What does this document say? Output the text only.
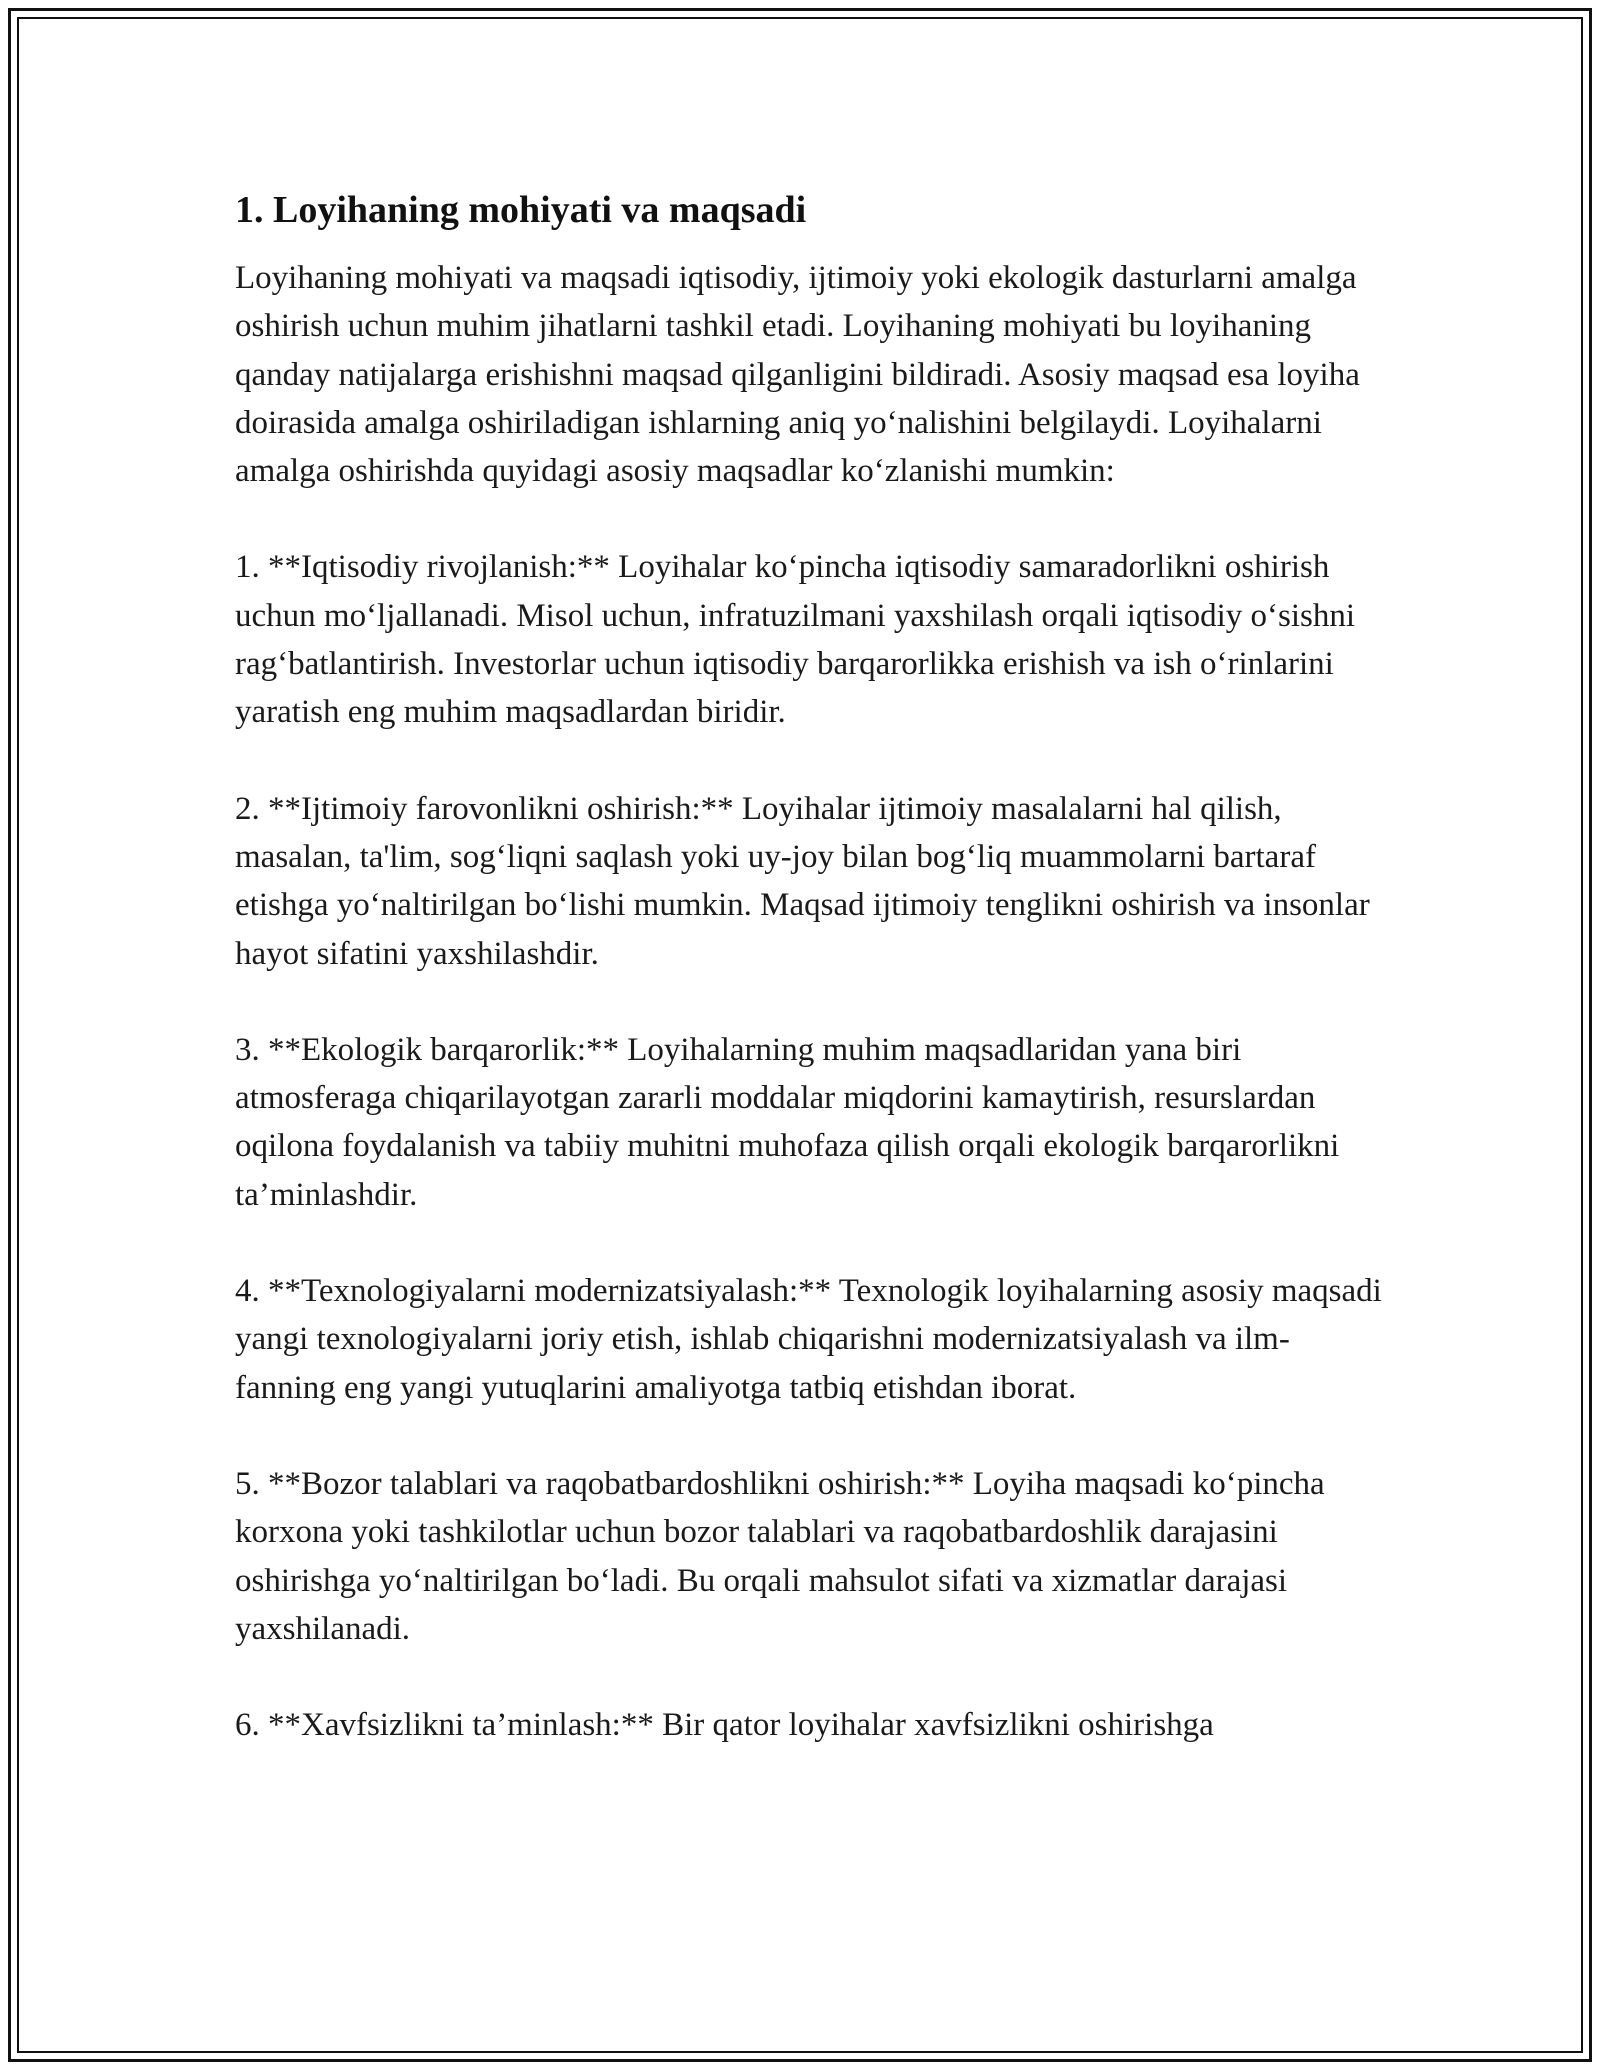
1. Loyihaning mohiyati va maqsadi

Loyihaning mohiyati va maqsadi iqtisodiy, ijtimoiy yoki ekologik dasturlarni amalga oshirish uchun muhim jihatlarni tashkil etadi. Loyihaning mohiyati bu loyihaning qanday natijalarga erishishni maqsad qilganligini bildiradi. Asosiy maqsad esa loyiha doirasida amalga oshiriladigan ishlarning aniq yo‘nalishini belgilaydi. Loyihalarni amalga oshirishda quyidagi asosiy maqsadlar ko‘zlanishi mumkin:

1. **Iqtisodiy rivojlanish:** Loyihalar ko‘pincha iqtisodiy samaradorlikni oshirish uchun mo‘ljallanadi. Misol uchun, infratuzilmani yaxshilash orqali iqtisodiy o‘sishni rag‘batlantirish. Investorlar uchun iqtisodiy barqarorlikka erishish va ish o‘rinlarini yaratish eng muhim maqsadlardan biridir.

2. **Ijtimoiy farovonlikni oshirish:** Loyihalar ijtimoiy masalalarni hal qilish, masalan, ta'lim, sog‘liqni saqlash yoki uy-joy bilan bog‘liq muammolarni bartaraf etishga yo‘naltirilgan bo‘lishi mumkin. Maqsad ijtimoiy tenglikni oshirish va insonlar hayot sifatini yaxshilashdir.

3. **Ekologik barqarorlik:** Loyihalarning muhim maqsadlaridan yana biri atmosferaga chiqarilayotgan zararli moddalar miqdorini kamaytirish, resurslardan oqilona foydalanish va tabiiy muhitni muhofaza qilish orqali ekologik barqarorlikni ta’minlashdir.

4. **Texnologiyalarni modernizatsiyalash:** Texnologik loyihalarning asosiy maqsadi yangi texnologiyalarni joriy etish, ishlab chiqarishni modernizatsiyalash va ilm-fanning eng yangi yutuqlarini amaliyotga tatbiq etishdan iborat.

5. **Bozor talablari va raqobatbardoshlikni oshirish:** Loyiha maqsadi ko‘pincha korxona yoki tashkilotlar uchun bozor talablari va raqobatbardoshlik darajasini oshirishga yo‘naltirilgan bo‘ladi. Bu orqali mahsulot sifati va xizmatlar darajasi yaxshilanadi.

6. **Xavfsizlikni ta’minlash:** Bir qator loyihalar xavfsizlikni oshirishga
